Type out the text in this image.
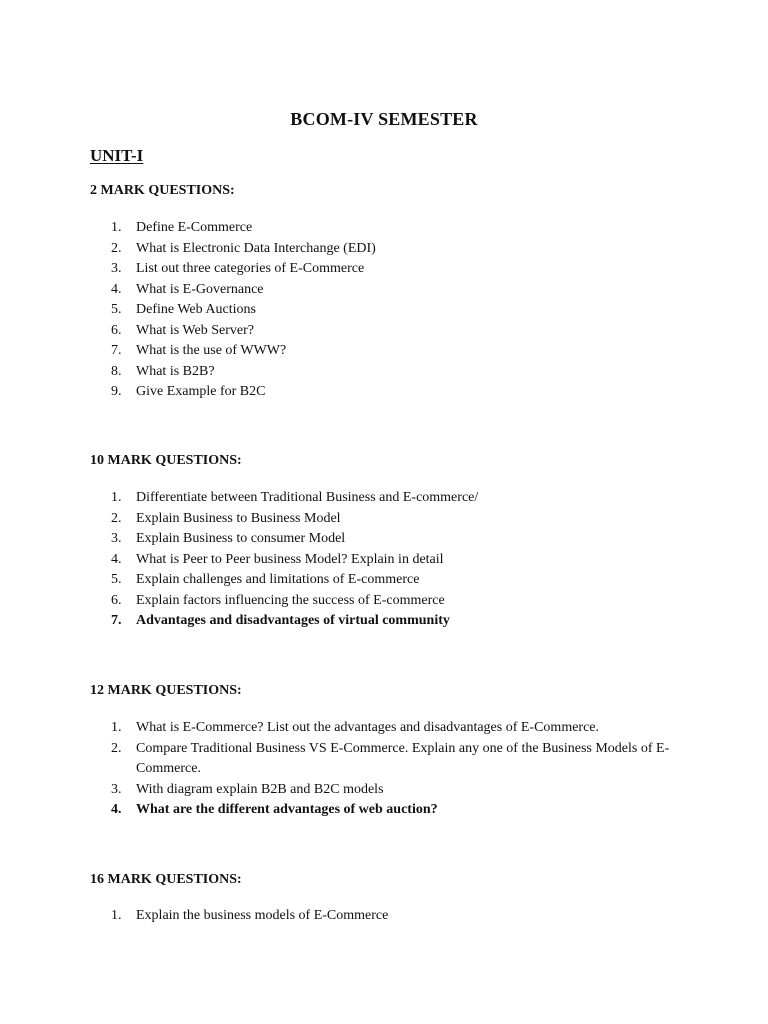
BCOM-IV SEMESTER
UNIT-I
2 MARK QUESTIONS:
1. Define E-Commerce
2. What is Electronic Data Interchange (EDI)
3. List out three categories of E-Commerce
4. What is E-Governance
5. Define Web Auctions
6. What is Web Server?
7. What is the use of WWW?
8. What is B2B?
9. Give Example for B2C
10 MARK QUESTIONS:
1. Differentiate between Traditional Business and E-commerce/
2. Explain Business to Business Model
3. Explain Business to consumer Model
4. What is Peer to Peer business Model? Explain in detail
5. Explain challenges and limitations of E-commerce
6. Explain factors influencing the success of E-commerce
7. Advantages and disadvantages of virtual community
12 MARK QUESTIONS:
1. What is E-Commerce? List out the advantages and disadvantages of E-Commerce.
2. Compare Traditional Business VS E-Commerce. Explain any one of the Business Models of E-Commerce.
3. With diagram explain B2B and B2C models
4. What are the different advantages of web auction?
16 MARK QUESTIONS:
1. Explain the business models of E-Commerce
